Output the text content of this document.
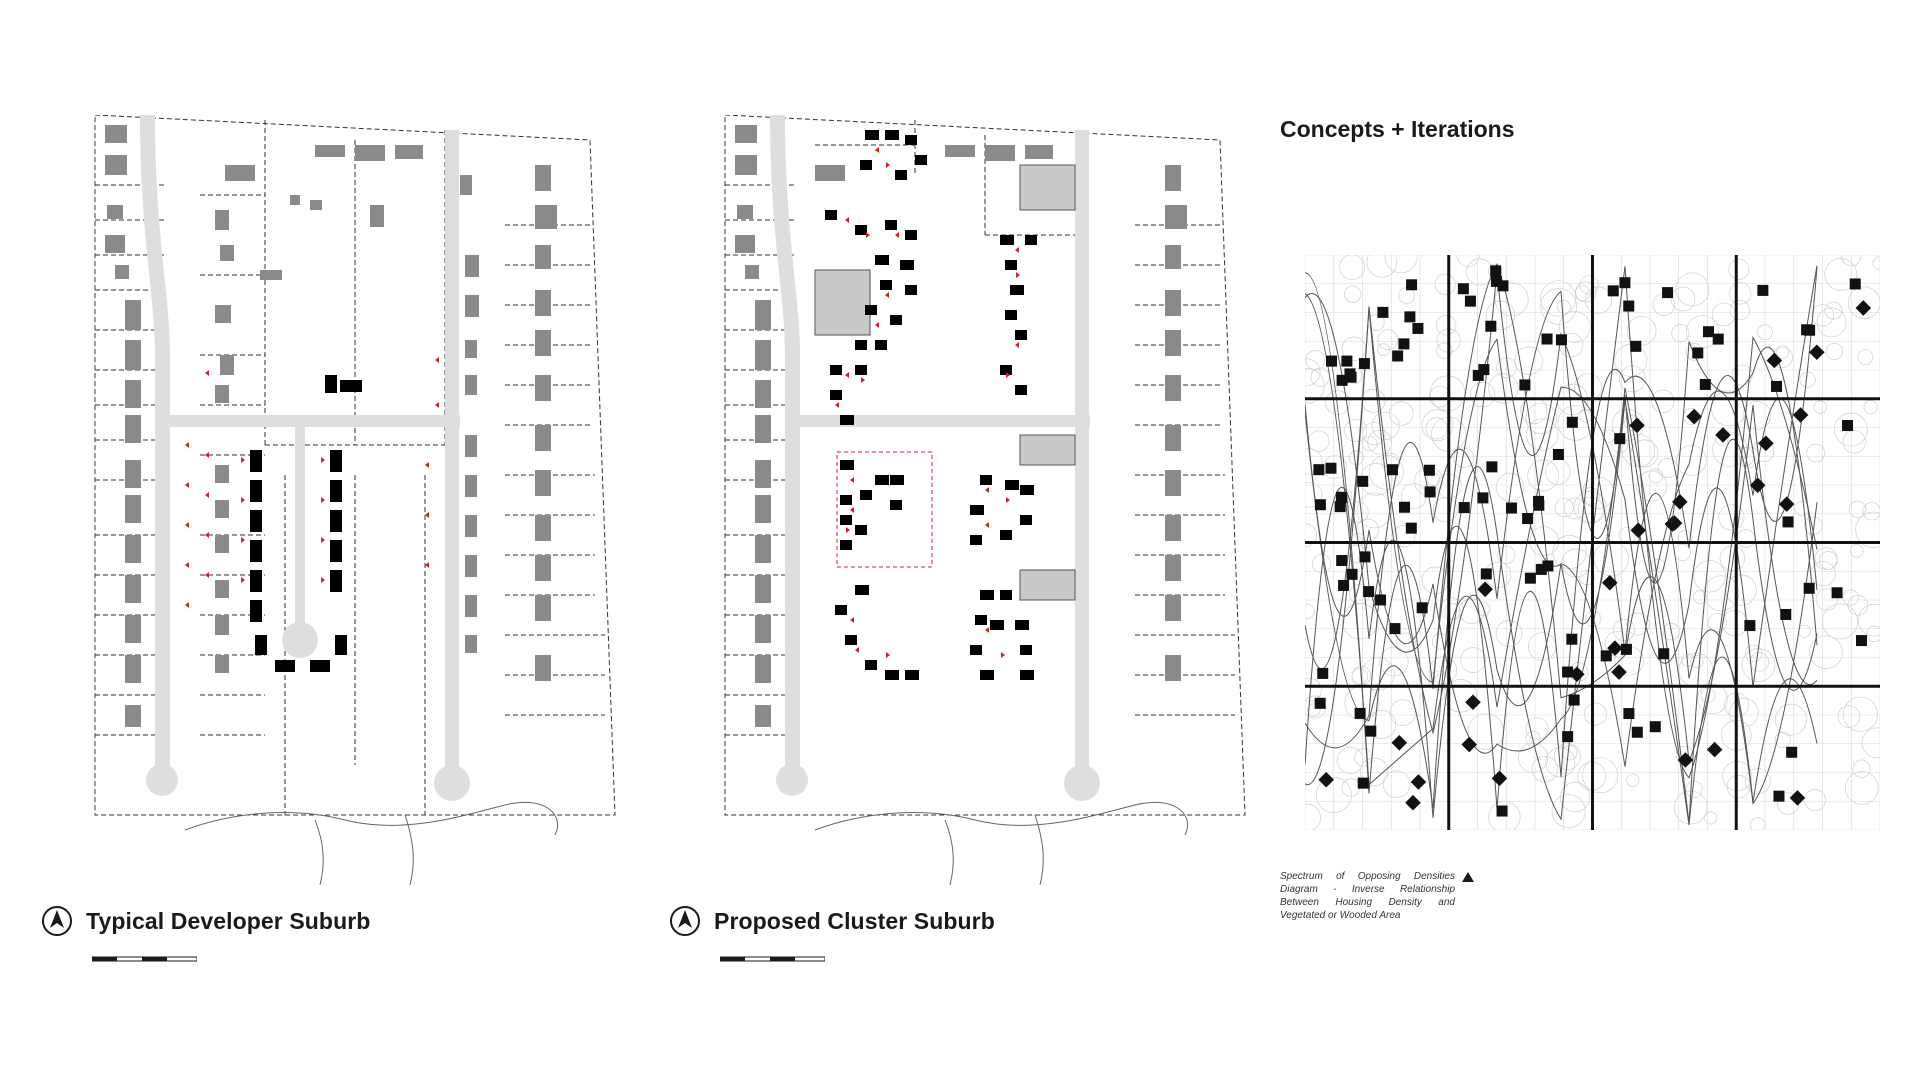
Typical Developer Suburb	Proposed Cluster Suburb
Concepts + Iterations
Spectrum of Opposing Densities Diagram - Inverse Relationship Between Housing Density and Vegetated or Wooded Area
